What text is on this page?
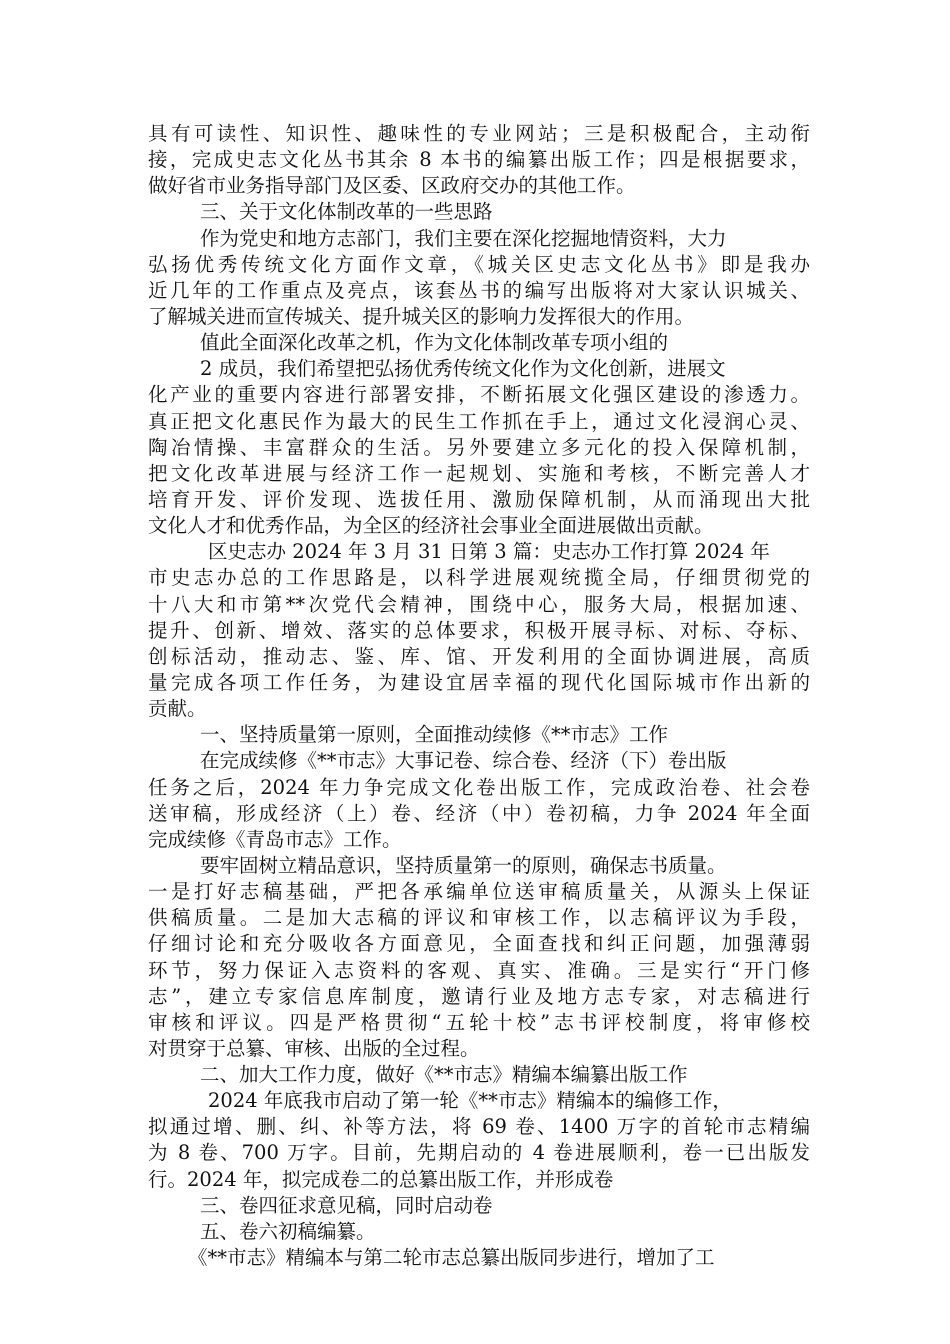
具有可读性、知识性、趣味性的专业网站；三是积极配合，主动衔
接，完成史志文化丛书其余 8 本书的编纂出版工作；四是根据要求，
做好省市业务指导部门及区委、区政府交办的其他工作。
三、关于文化体制改革的一些思路
作为党史和地方志部门，我们主要在深化挖掘地情资料，大力
弘扬优秀传统文化方面作文章，《城关区史志文化丛书》即是我办
近几年的工作重点及亮点，该套丛书的编写出版将对大家认识城关、
了解城关进而宣传城关、提升城关区的影响力发挥很大的作用。
值此全面深化改革之机，作为文化体制改革专项小组的
2 成员，我们希望把弘扬优秀传统文化作为文化创新，进展文
化产业的重要内容进行部署安排，不断拓展文化强区建设的渗透力。
真正把文化惠民作为最大的民生工作抓在手上，通过文化浸润心灵、
陶冶情操、丰富群众的生活。另外要建立多元化的投入保障机制，
把文化改革进展与经济工作一起规划、实施和考核，不断完善人才
培育开发、评价发现、选拔任用、激励保障机制，从而涌现出大批
文化人才和优秀作品，为全区的经济社会事业全面进展做出贡献。
区史志办 2024 年 3 月 31 日第 3 篇：史志办工作打算 2024 年
市史志办总的工作思路是，以科学进展观统揽全局，仔细贯彻党的
十八大和市第**次党代会精神，围绕中心，服务大局，根据加速、
提升、创新、增效、落实的总体要求，积极开展寻标、对标、夺标、
创标活动，推动志、鉴、库、馆、开发利用的全面协调进展，高质
量完成各项工作任务，为建设宜居幸福的现代化国际城市作出新的
贡献。
一、坚持质量第一原则，全面推动续修《**市志》工作
在完成续修《**市志》大事记卷、综合卷、经济（下）卷出版
任务之后，2024 年力争完成文化卷出版工作，完成政治卷、社会卷
送审稿，形成经济（上）卷、经济（中）卷初稿，力争 2024 年全面
完成续修《青岛市志》工作。
要牢固树立精品意识，坚持质量第一的原则，确保志书质量。
一是打好志稿基础，严把各承编单位送审稿质量关，从源头上保证
供稿质量。二是加大志稿的评议和审核工作，以志稿评议为手段，
仔细讨论和充分吸收各方面意见，全面查找和纠正问题，加强薄弱
环节，努力保证入志资料的客观、真实、准确。三是实行“开门修
志”，建立专家信息库制度，邀请行业及地方志专家，对志稿进行
审核和评议。四是严格贯彻“五轮十校”志书评校制度，将审修校
对贯穿于总纂、审核、出版的全过程。
二、加大工作力度，做好《**市志》精编本编纂出版工作
2024 年底我市启动了第一轮《**市志》精编本的编修工作，
拟通过增、删、纠、补等方法，将 69 卷、1400 万字的首轮市志精编
为 8 卷、700 万字。目前，先期启动的 4 卷进展顺利，卷一已出版发
行。2024 年，拟完成卷二的总纂出版工作，并形成卷
三、卷四征求意见稿，同时启动卷
五、卷六初稿编纂。
《**市志》精编本与第二轮市志总纂出版同步进行，增加了工
